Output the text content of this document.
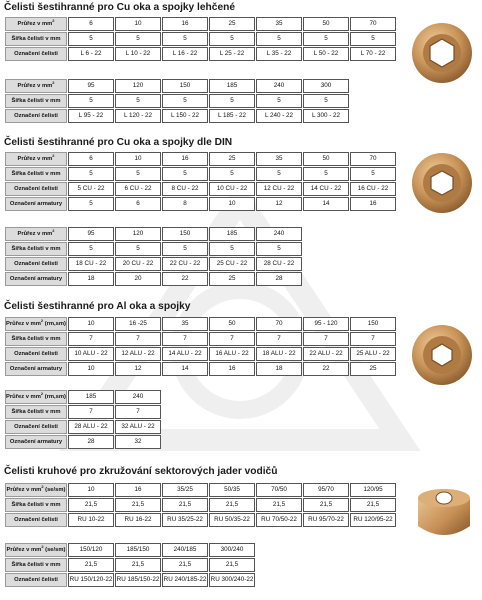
Čelisti šestihranné pro Cu oka a spojky lehčené
Průřez v $mm^2$	6	10	16	25	35	50	70
Šířka čelisti v mm	5	5	5	5	5	5	5
Označení čelisti	L 6 - 22	L 10 - 22	L 16 - 22	L 25 - 22	L 35 - 22	L 50 - 22	L 70 - 22
Průřez v $mm^2$	95	120	150	185	240	300
Šířka čelisti v mm	5	5	5	5	5	5
Označení čelisti	L 95 - 22	L 120 - 22	L 150 - 22	L 185 - 22	L 240 - 22	L 300 - 22
Čelisti šestihranné pro Cu oka a spojky dle DIN
Průřez v $mm^2$	6	10	16	25	35	50	70
Šířka čelisti v mm	5	5	5	5	5	5	5
Označení čelisti	5 CU - 22	6 CU - 22	8 CU - 22	10 CU - 22	12 CU - 22	14 CU - 22	16 CU - 22
Označení armatury	5	6	8	10	12	14	16
Průřez v $mm^2$	95	120	150	185	240
Šířka čelisti v mm	5	5	5	5	5
Označení čelisti	18 CU - 22	20 CU - 22	22 CU - 22	25 CU - 22	28 CU - 22
Označení armatury	18	20	22	25	28
Čelisti šestihranné pro Al oka a spojky
Průřez v $mm^2$ (rm,sm)	10	16 -25	35	50	70	95 - 120	150
Šířka čelisti v mm	7	7	7	7	7	7	7
Označení čelisti	10 ALU - 22	12 ALU - 22	14 ALU - 22	16 ALU - 22	18 ALU - 22	22 ALU - 22	25 ALU - 22
Označení armatury	10	12	14	16	18	22	25
Průřez v $mm^2$ (rm,sm)	185	240
Šířka čelisti v mm	7	7
Označení čelisti	28 ALU - 22	32 ALU - 22
Označení armatury	28	32
Čelisti kruhové pro zkružování sektorových jader vodičů
Průřez v $mm^2$ (se/sm)	10	16	35/25	50/35	70/50	95/70	120/95
Šířka čelisti v mm	21,5	21,5	21,5	21,5	21,5	21,5	21,5
Označení čelisti	RU 10-22	RU 16-22	RU 35/25-22	RU 50/35-22	RU 70/50-22	RU 95/70-22	RU 120/95-22
Průřez v $mm^2$ (se/sm)	150/120	185/150	240/185	300/240
Šířka čelisti v mm	21,5	21,5	21,5	21,5
Označení čelisti	RU 150/120-22	RU 185/150-22	RU 240/185-22	RU 300/240-22
